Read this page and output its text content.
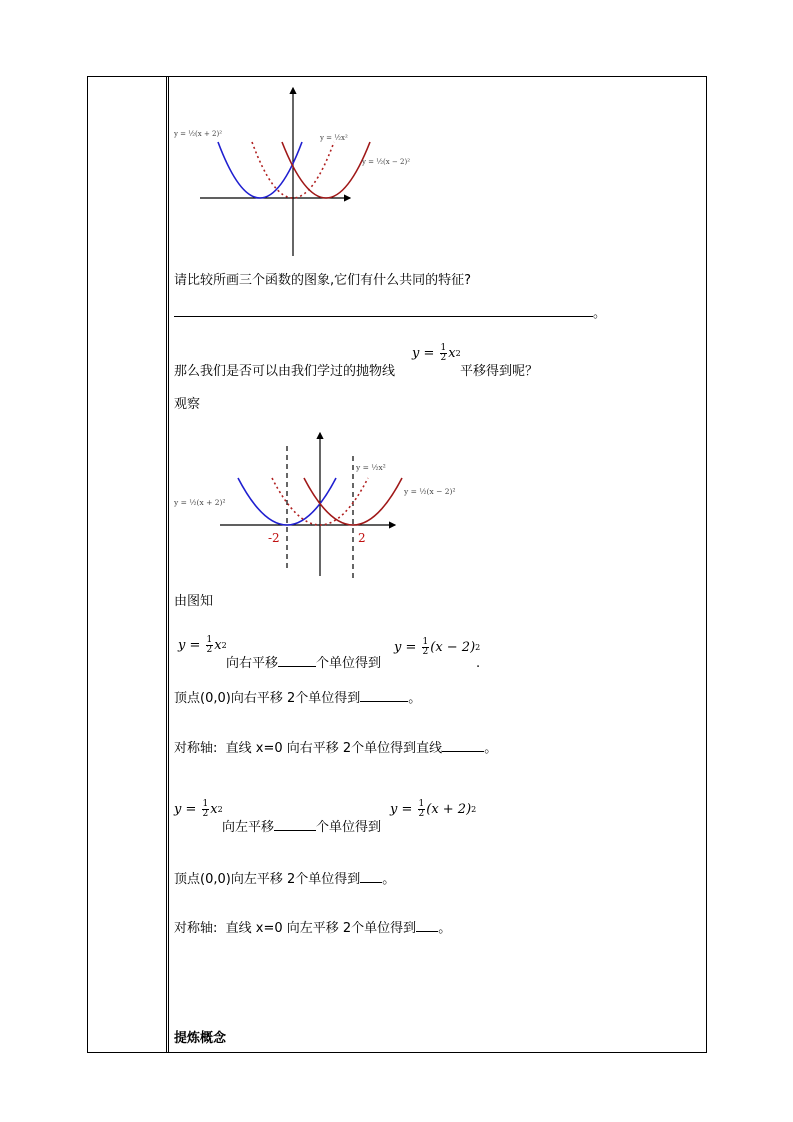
y = ½(x + 2)²	y = ½x²
y = ½(x − 2)²
请比较所画三个函数的图象,它们有什么共同的特征?
。
那么我们是否可以由我们学过的抛物线
$y = \frac{1}{2}$ x 2
平移得到呢？
观察
y = ½(x + 2)²
y = ½x²
y = ½(x − 2)²
-2	2
由图知
$y = \frac{1}{2}$ x 2
向右平移	个单位得到
$y = \frac{1}{2} (x - 2)$ 2
.
顶点(0,0)向右平移 2个单位得到	。
对称轴: 直线 x=0 向右平移 2个单位得到直线	。
$y = \frac{1}{2}$ x 2
向左平移	个单位得到
$y = \frac{1}{2} (x + 2)$ 2
顶点(0,0)向左平移 2个单位得到 。
对称轴: 直线 x=0 向左平移 2个单位得到 。
提炼概念
